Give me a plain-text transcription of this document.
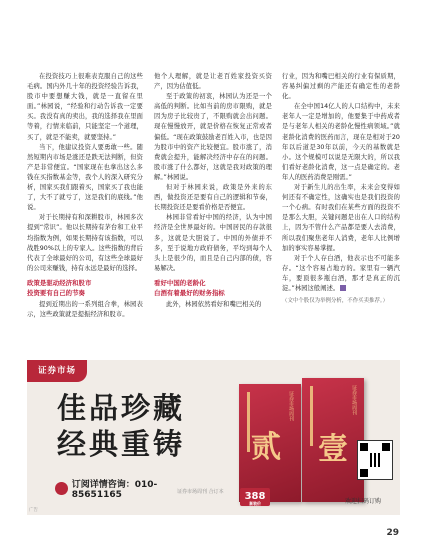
在投资技巧上很难表克服自己的这些毛病。国内外几十年的投资经验告诉我，股市中要想赚大钱，就是一直留在里面。”林园说，“经验和行动告诉我一定要买。我没有真的卖出，我的选择我在里面等着，行情来临前，只能坚定一个道理，买了，就是不能卖，就要坚持。”

当下，他建议投资人要勇敢一些。随然短期内市场是涨还是跌无法判断，但资产是非常便宜。“国家现在也拿出这么多钱在买指数基金等，我个人的深入研究分析，国家买我们跟着买，国家买了我也能了，大不了就亏了，这是我们的底线。”他说。

对于长期持有和深耕股市，林园多次提到“常识”。他以长期持有茅台和工业平均指数为例，如果长期持有该指数，可以战胜90%以上的专家人。这些指数的背后代表了全球最好的公司，有这些全球最好的公司来赚钱，持有永远是最好的选择。

政策是驱动经济和股市

投资要有自己的节奏

提到近期出的一系列组合拳，林园表示，这些政策就是提振经济和股市。

他个人理解，就是让老百姓家投资买资产，因为估值低。

至于政策的初衷，林园认为还是一个高低的判断。比如当前的房市限购，就是因为房子比较贵了，不限购就会出问题。现在慢慢放开，就是价格在恢复正常或者偏低。“现在政策鼓励老百姓入市，也是因为股市中的资产比较便宜。股市涨了，消费就会提升，能解决经济中存在的问题。股市涨了什么都好，这就是我对政策的理解。”林园说。

但对于林园来说，政策是外来的东西，做投资还是要有自己的逻辑和节奏，长期投资还是要看价格是否便宜。

林园非常看好中国的经济，认为中国经济是全世界最好的。中国居民的存款很多，这就是大胆说了。中国的外债并不多，至于说地方政府债务，平均到每个人头上是很少的，而且是自己内部的债，容易解决。

看好中国的老龄化

白酒有着最好的财务指标

此外，林园依然看好和嘴巴相关的

行业，因为和嘴巴相关的行业有保质期，容易纠偏过剩的产能还有确定性的老龄化。

在全中国14亿人的人口结构中，未来老年人一定是增加的，他要集于中药成者是与老年人相关的老龄化慢性病领域。”就老龄化消费的医药而言，现在是相对于20年以后道是30年以前，今天的基数就是小。这个规模可以说是无限大的，所以我们看好老龄化消费，这一点是确定的。老年人的医药消费是刚需。”

对于新生儿的出生率，未来会变得如何还有不确定性，这确实也是我们投资的一个心病。有时我们在某些方面的投资不是那么大胆，关键问题是出在人口的结构上，因为不管什么产品都是要人去消费，所以我们聚焦老年人消费，老年人比例增加的事实容易掌握。

对于个人存白酒，他表示也不可能多存。“这个容易占地方的。家里有一辆汽车，要顶很多瓶白酒，那才是真正的沉淀。”林园这般阐述。

（文中个股仅为举例分析，不作买卖推荐。）

证券市场
佳品珍藏
经典重铸
证券市场周刊
贰
证券市场周刊
壹
388
套装价
证券市场周刊 合订本
订阅详情咨询：010-85651165
欢迎扫码订购
广告
29
